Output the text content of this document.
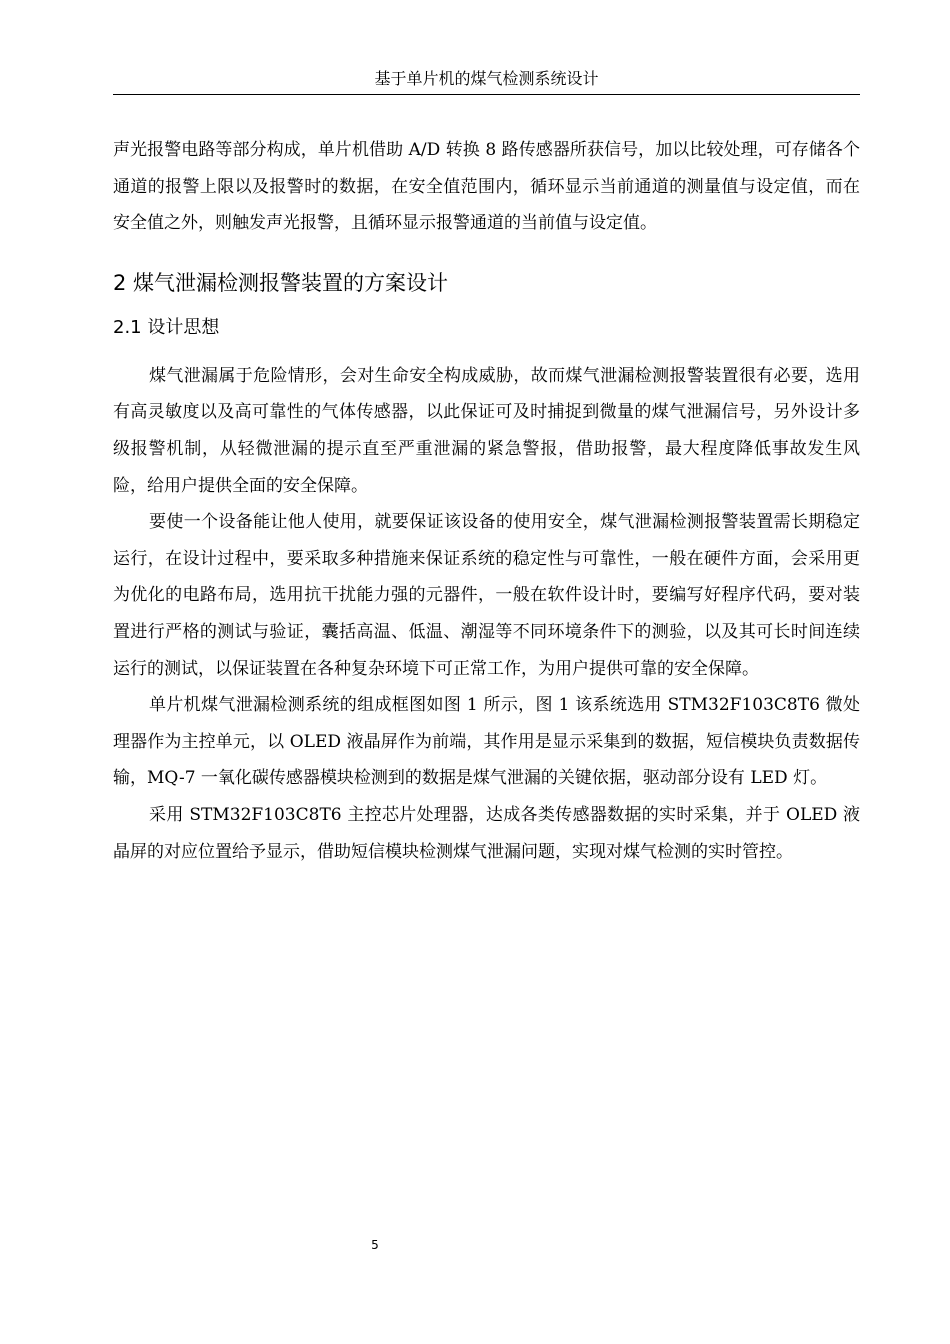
基于单片机的煤气检测系统设计

声光报警电路等部分构成，单片机借助 A/D 转换 8 路传感器所获信号，加以比较处理，可存储各个通道的报警上限以及报警时的数据，在安全值范围内，循环显示当前通道的测量值与设定值，而在安全值之外，则触发声光报警，且循环显示报警通道的当前值与设定值。

2 煤气泄漏检测报警装置的方案设计
2.1 设计思想

煤气泄漏属于危险情形，会对生命安全构成威胁，故而煤气泄漏检测报警装置很有必要，选用有高灵敏度以及高可靠性的气体传感器，以此保证可及时捕捉到微量的煤气泄漏信号，另外设计多级报警机制，从轻微泄漏的提示直至严重泄漏的紧急警报，借助报警，最大程度降低事故发生风险，给用户提供全面的安全保障。

要使一个设备能让他人使用，就要保证该设备的使用安全，煤气泄漏检测报警装置需长期稳定运行，在设计过程中，要采取多种措施来保证系统的稳定性与可靠性，一般在硬件方面，会采用更为优化的电路布局，选用抗干扰能力强的元器件，一般在软件设计时，要编写好程序代码，要对装置进行严格的测试与验证，囊括高温、低温、潮湿等不同环境条件下的测验，以及其可长时间连续运行的测试，以保证装置在各种复杂环境下可正常工作，为用户提供可靠的安全保障。

单片机煤气泄漏检测系统的组成框图如图 1 所示，图 1 该系统选用 STM32F103C8T6 微处理器作为主控单元，以 OLED 液晶屏作为前端，其作用是显示采集到的数据，短信模块负责数据传输，MQ-7 一氧化碳传感器模块检测到的数据是煤气泄漏的关键依据，驱动部分设有 LED 灯。

采用 STM32F103C8T6 主控芯片处理器，达成各类传感器数据的实时采集，并于 OLED 液晶屏的对应位置给予显示，借助短信模块检测煤气泄漏问题，实现对煤气检测的实时管控。

5
